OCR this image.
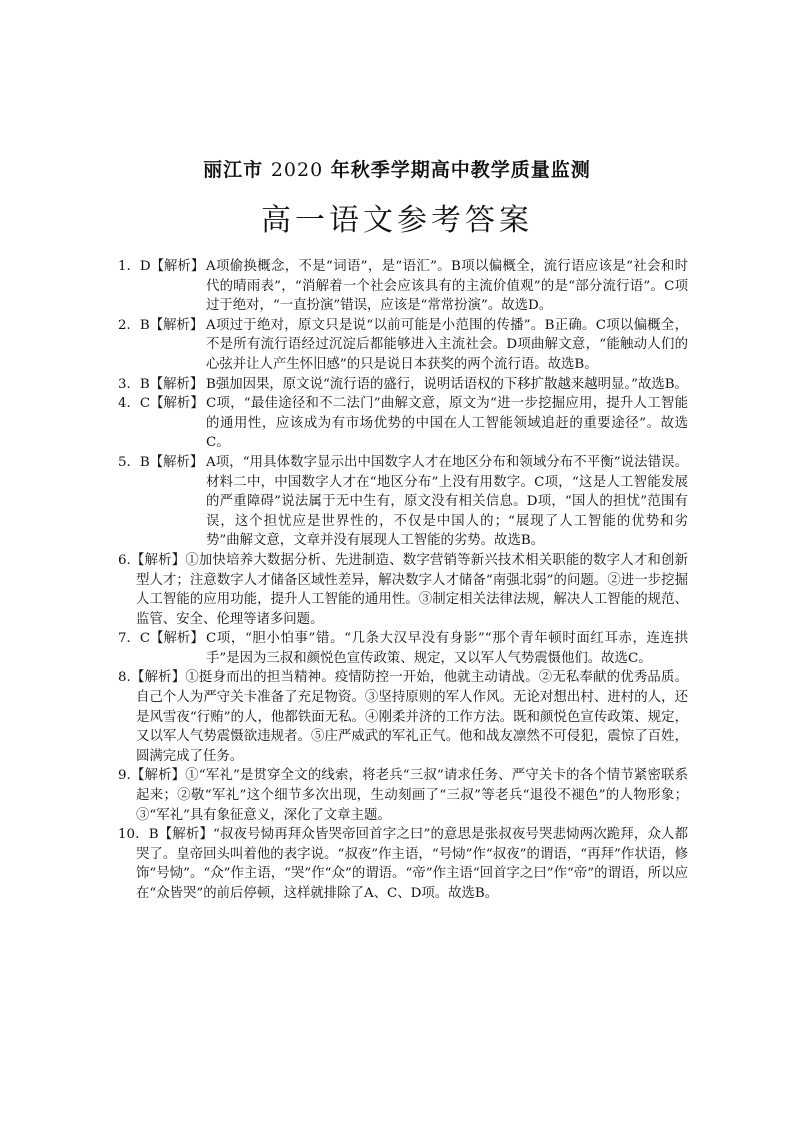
丽江市 2020 年秋季学期高中教学质量监测
高一语文参考答案
1．D【解析】 A项偷换概念，不是“词语”，是“语汇”。B项以偏概全，流行语应该是“社会和时代的晴雨表”，“消解着一个社会应该具有的主流价值观”的是“部分流行语”。C项过于绝对，“一直扮演”错误，应该是“常常扮演”。故选D。
2．B【解析】 A项过于绝对，原文只是说“以前可能是小范围的传播”。B正确。C项以偏概全，不是所有流行语经过沉淀后都能够进入主流社会。D项曲解文意，“能触动人们的心弦并让人产生怀旧感”的只是说日本获奖的两个流行语。故选B。
3．B【解析】 B强加因果，原文说“流行语的盛行，说明话语权的下移扩散越来越明显。”故选B。
4．C【解析】 C项，“最佳途径和不二法门”曲解文意，原文为“进一步挖掘应用，提升人工智能的通用性，应该成为有市场优势的中国在人工智能领域追赶的重要途径”。故选C。
5．B【解析】 A项，“用具体数字显示出中国数字人才在地区分布和领域分布不平衡”说法错误。材料二中，中国数字人才在“地区分布”上没有用数字。C项，“这是人工智能发展的严重障碍”说法属于无中生有，原文没有相关信息。D项，“国人的担忧”范围有误，这个担忧应是世界性的，不仅是中国人的；“展现了人工智能的优势和劣势”曲解文意，文章并没有展现人工智能的劣势。故选B。
6.【解析】①加快培养大数据分析、先进制造、数字营销等新兴技术相关职能的数字人才和创新型人才；注意数字人才储备区域性差异，解决数字人才储备“南强北弱”的问题。②进一步挖掘人工智能的应用功能，提升人工智能的通用性。③制定相关法律法规，解决人工智能的规范、监管、安全、伦理等诸多问题。
7．C【解析】 C项，“胆小怕事”错。“几条大汉早没有身影”“那个青年顿时面红耳赤，连连拱手”是因为三叔和颜悦色宣传政策、规定，又以军人气势震慑他们。故选C。
8.【解析】①挺身而出的担当精神。疫情防控一开始，他就主动请战。②无私奉献的优秀品质。自己个人为严守关卡准备了充足物资。③坚持原则的军人作风。无论对想出村、进村的人，还是风雪夜“行贿”的人，他都铁面无私。④刚柔并济的工作方法。既和颜悦色宣传政策、规定，又以军人气势震慑欲违规者。⑤庄严威武的军礼正气。他和战友凛然不可侵犯，震惊了百姓，圆满完成了任务。
9.【解析】①“军礼”是贯穿全文的线索，将老兵“三叔”请求任务、严守关卡的各个情节紧密联系起来；②敬“军礼”这个细节多次出现，生动刻画了“三叔”等老兵“退役不褪色”的人物形象；③“军礼”具有象征意义，深化了文章主题。
10．B【解析】“叔夜号恸再拜众皆哭帝回首字之曰”的意思是张叔夜号哭悲恸两次跪拜，众人都哭了。皇帝回头叫着他的表字说。“叔夜”作主语，“号恸”作“叔夜”的谓语，“再拜”作状语，修饰“号恸”。“众”作主语，“哭”作“众”的谓语。“帝”作主语“回首字之曰”作“帝”的谓语，所以应在“众皆哭”的前后停顿，这样就排除了A、C、D项。故选B。
